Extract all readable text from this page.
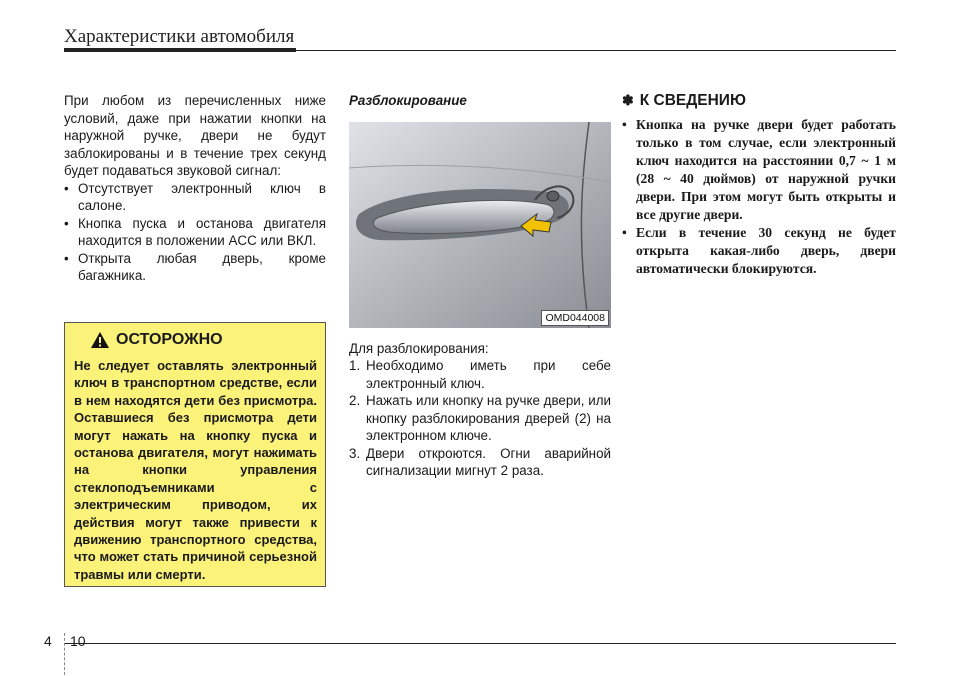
Характеристики автомобиля
При любом из перечисленных ниже условий, даже при нажатии кнопки на наружной ручке, двери не будут заблокированы и в течение трех секунд будет подаваться звуковой сигнал:
• Отсутствует электронный ключ в салоне.
• Кнопка пуска и останова двигателя находится в положении ACC или ВКЛ.
• Открыта любая дверь, кроме багажника.
ОСТОРОЖНО
Не следует оставлять электронный ключ в транспортном средстве, если в нем находятся дети без присмотра. Оставшиеся без присмотра дети могут нажать на кнопку пуска и останова двигателя, могут нажимать на кнопки управления стеклоподъемниками с электрическим приводом, их действия могут также привести к движению транспортного средства, что может стать причиной серьезной травмы или смерти.
Разблокирование
OMD044008
Для разблокирования:
1. Необходимо иметь при себе электронный ключ.
2. Нажать или кнопку на ручке двери, или кнопку разблокирования дверей (2) на электронном ключе.
3. Двери откроются. Огни аварийной сигнализации мигнут 2 раза.
✽ К СВЕДЕНИЮ
• Кнопка на ручке двери будет работать только в том случае, если электронный ключ находится на расстоянии 0,7 ~ 1 м (28 ~ 40 дюймов) от наружной ручки двери. При этом могут быть открыты и все другие двери.
• Если в течение 30 секунд не будет открыта какая-либо дверь, двери автоматически блокируются.
4 10
